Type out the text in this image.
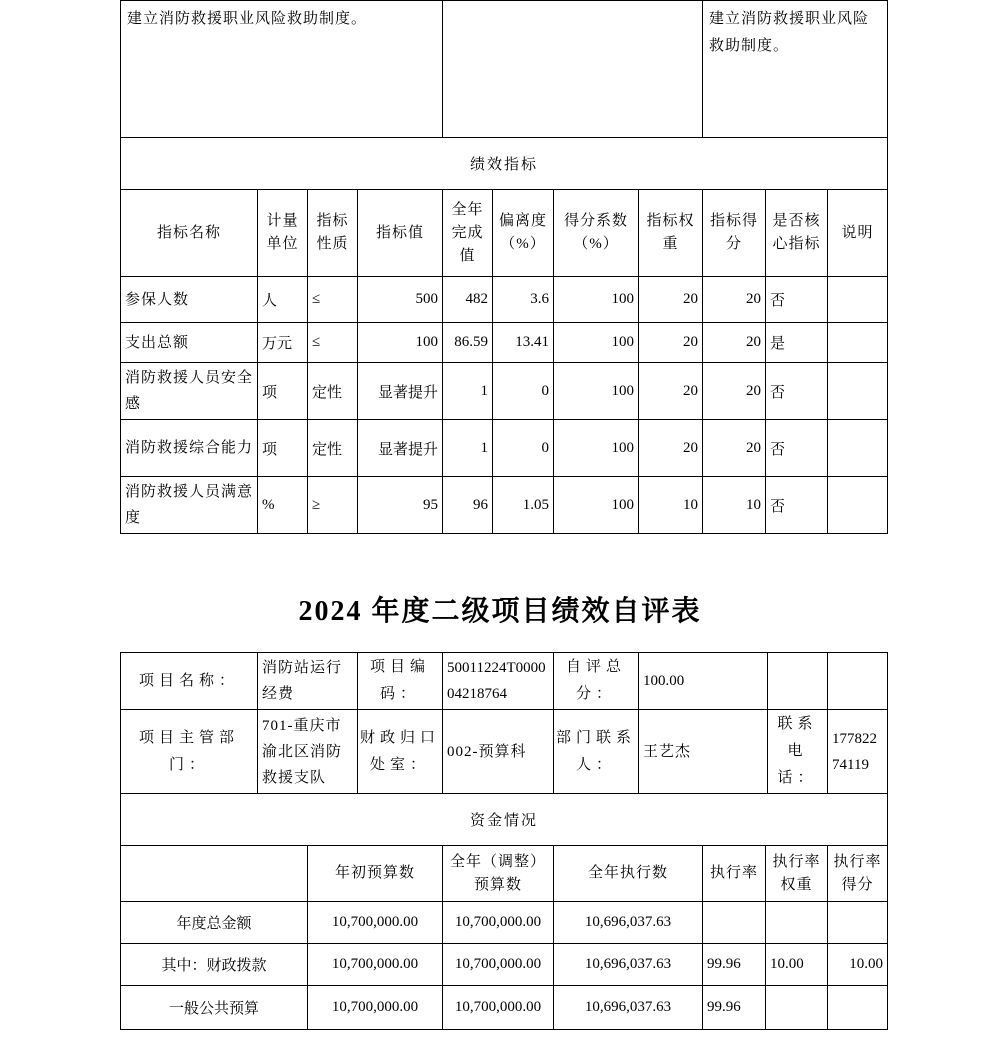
建立消防救援职业风险救助制度。								建立消防救援职业风险救助制度。		
绩效指标										
指标名称	计量单位	指标性质	指标值	全年完成值	偏离度（%）	得分系数（%）	指标权重	指标得分	是否核心指标	说明
参保人数	人	≤	500	482	3.6	100	20	20	否	
支出总额	万元	≤	100	86.59	13.41	100	20	20	是	
消防救援人员安全感	项	定性	显著提升	1	0	100	20	20	否	
消防救援综合能力	项	定性	显著提升	1	0	100	20	20	否	
消防救援人员满意度	%	≥	95	96	1.05	100	10	10	否	
2024 年度二级项目绩效自评表
项目名称：	消防站运行经费	项目编码：	50011224T000004218764	自评总分：	100.00		
项目主管部门：	701-重庆市渝北区消防救援支队	财政归口处室：	002-预算科	部门联系人：	王艺杰	联系电话：	17782274119
资金情况						
	年初预算数	全年（调整）预算数	全年执行数	执行率	执行率权重	执行率得分
年度总金额	10,700,000.00	10,700,000.00	10,696,037.63			
其中：财政拨款	10,700,000.00	10,700,000.00	10,696,037.63	99.96	10.00	10.00
一般公共预算	10,700,000.00	10,700,000.00	10,696,037.63	99.96		
